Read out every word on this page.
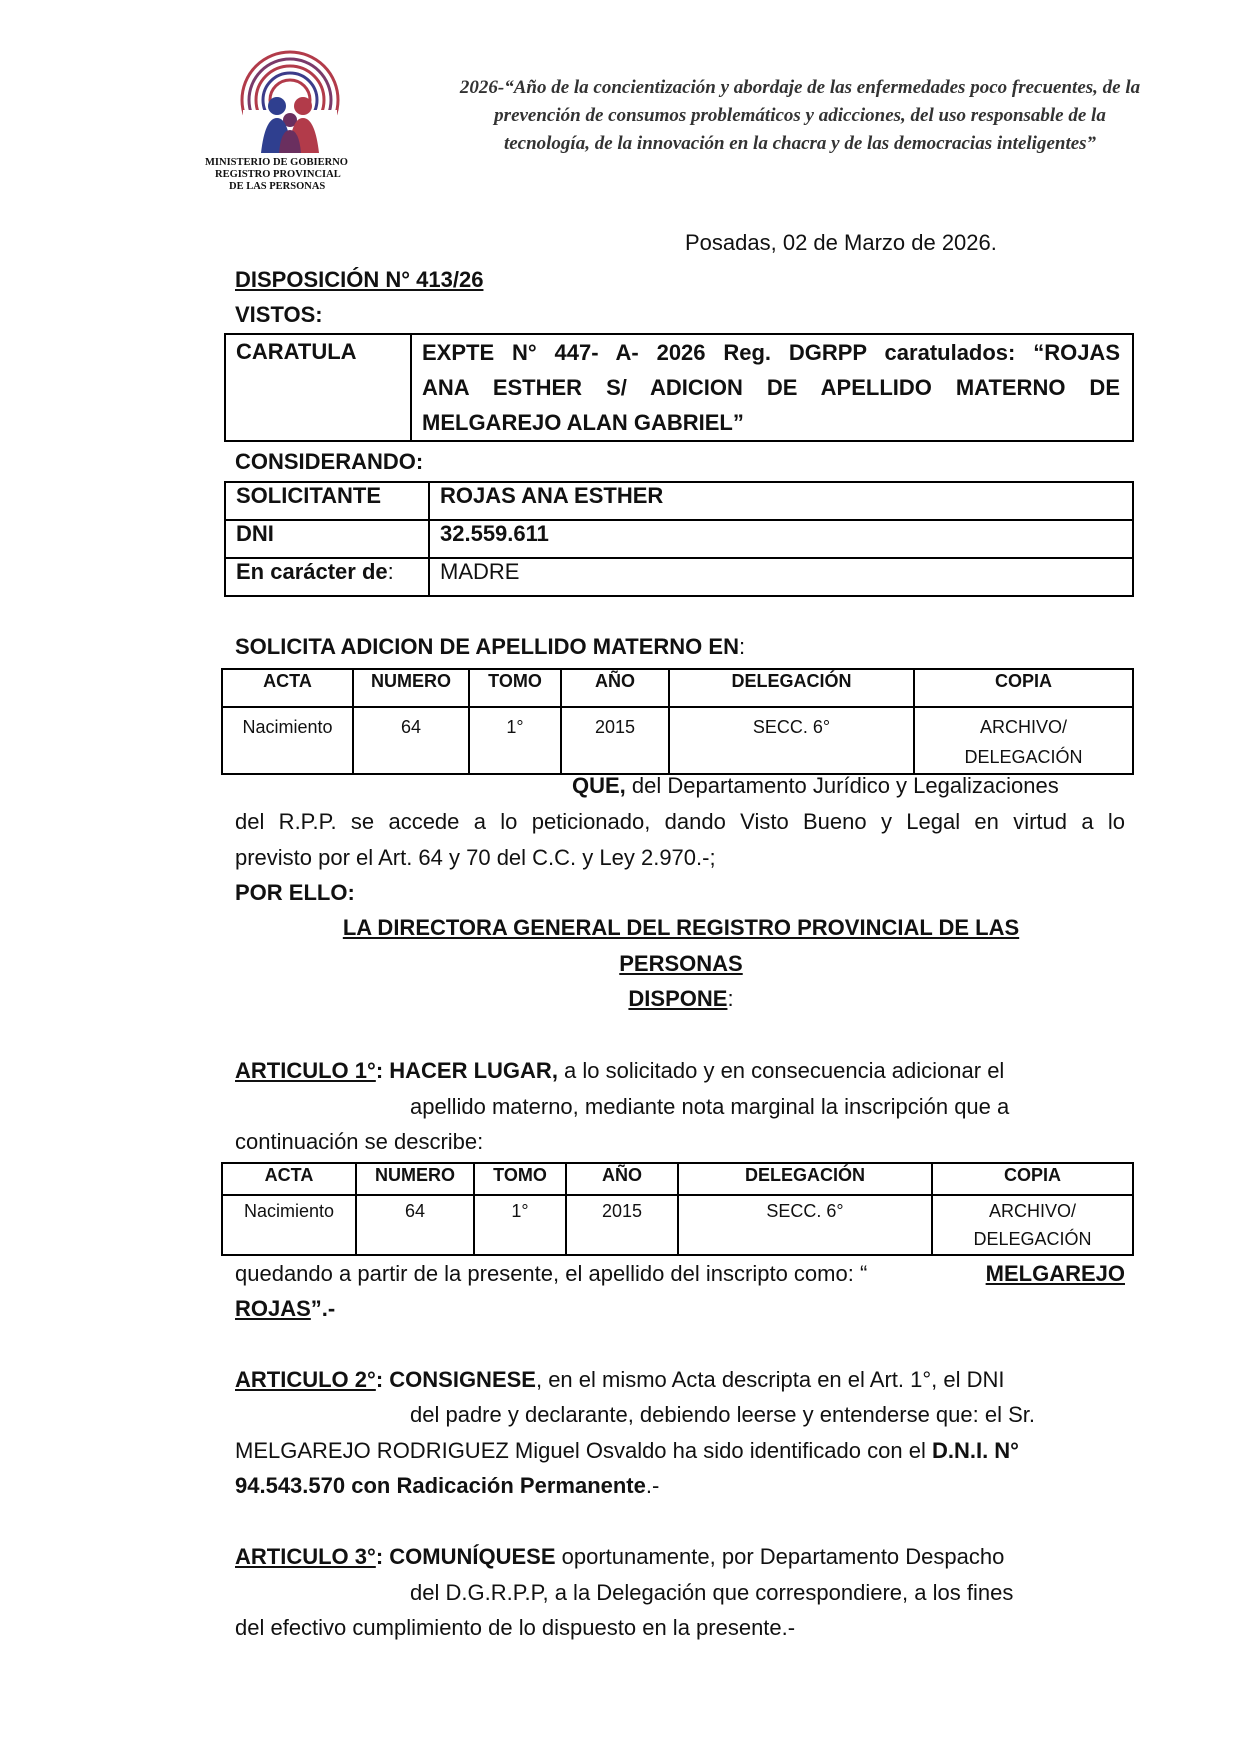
MINISTERIO DE GOBIERNO
REGISTRO PROVINCIAL
DE LAS PERSONAS
2026-“Año de la concientización y abordaje de las enfermedades poco frecuentes, de la
prevención de consumos problemáticos y adicciones, del uso responsable de la
tecnología, de la innovación en la chacra y de las democracias inteligentes”
Posadas, 02 de Marzo de 2026.
DISPOSICIÓN N° 413/26
VISTOS:
CARATULA	EXPTE N° 447- A- 2026 Reg. DGRPP caratulados: “ROJAS
ANA ESTHER S/ ADICION DE APELLIDO MATERNO DE
MELGAREJO ALAN GABRIEL”
CONSIDERANDO:
SOLICITANTE	ROJAS ANA ESTHER
DNI	32.559.611
En carácter de:	MADRE
SOLICITA ADICION DE APELLIDO MATERNO EN:
ACTA	NUMERO	TOMO	AÑO	DELEGACIÓN	COPIA
Nacimiento	64	1°	2015	SECC. 6°	ARCHIVO/
DELEGACIÓN
QUE, del Departamento Jurídico y Legalizaciones
del R.P.P. se accede a lo peticionado, dando Visto Bueno y Legal en virtud a lo
previsto por el Art. 64 y 70 del C.C. y Ley 2.970.-;
POR ELLO:
LA DIRECTORA GENERAL DEL REGISTRO PROVINCIAL DE LAS
PERSONAS
DISPONE:
ARTICULO 1°: HACER LUGAR, a lo solicitado y en consecuencia adicionar el
apellido materno, mediante nota marginal la inscripción que a
continuación se describe:
ACTA	NUMERO	TOMO	AÑO	DELEGACIÓN	COPIA
Nacimiento	64	1°	2015	SECC. 6°	ARCHIVO/
DELEGACIÓN
quedando a partir de la presente, el apellido del inscripto como: “	MELGAREJO
ROJAS”.-
ARTICULO 2°: CONSIGNESE, en el mismo Acta descripta en el Art. 1°, el DNI
del padre y declarante, debiendo leerse y entenderse que: el Sr.
MELGAREJO RODRIGUEZ Miguel Osvaldo ha sido identificado con el D.N.I. N°
94.543.570 con Radicación Permanente.-
ARTICULO 3°: COMUNÍQUESE oportunamente, por Departamento Despacho
del D.G.R.P.P, a la Delegación que correspondiere, a los fines
del efectivo cumplimiento de lo dispuesto en la presente.-
